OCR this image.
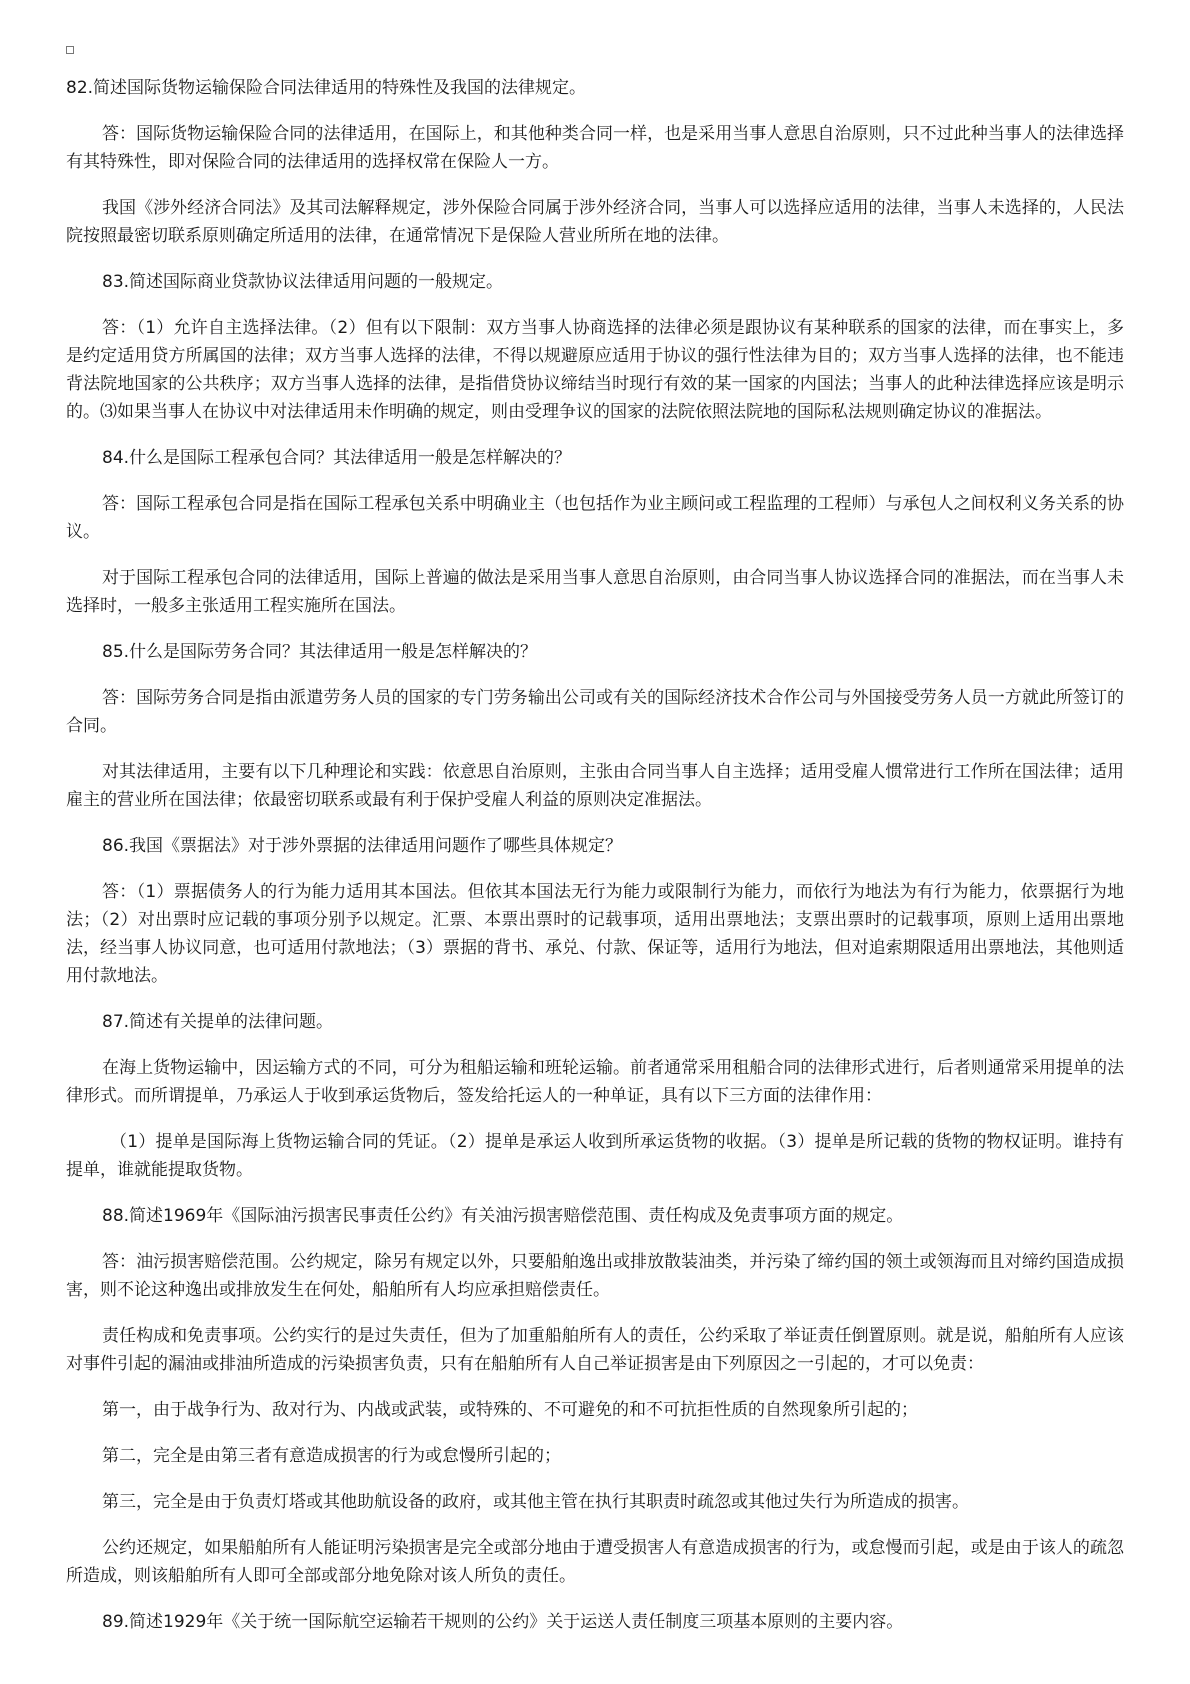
82.简述国际货物运输保险合同法律适用的特殊性及我国的法律规定。

答：国际货物运输保险合同的法律适用，在国际上，和其他种类合同一样，也是采用当事人意思自治原则，只不过此种当事人的法律选择有其特殊性，即对保险合同的法律适用的选择权常在保险人一方。

我国《涉外经济合同法》及其司法解释规定，涉外保险合同属于涉外经济合同，当事人可以选择应适用的法律，当事人未选择的，人民法院按照最密切联系原则确定所适用的法律，在通常情况下是保险人营业所所在地的法律。

83.简述国际商业贷款协议法律适用问题的一般规定。

答：（1）允许自主选择法律。（2）但有以下限制：双方当事人协商选择的法律必须是跟协议有某种联系的国家的法律，而在事实上，多是约定适用贷方所属国的法律；双方当事人选择的法律，不得以规避原应适用于协议的强行性法律为目的；双方当事人选择的法律，也不能违背法院地国家的公共秩序；双方当事人选择的法律，是指借贷协议缔结当时现行有效的某一国家的内国法；当事人的此种法律选择应该是明示的。⑶如果当事人在协议中对法律适用未作明确的规定，则由受理争议的国家的法院依照法院地的国际私法规则确定协议的准据法。

84.什么是国际工程承包合同？其法律适用一般是怎样解决的？

答：国际工程承包合同是指在国际工程承包关系中明确业主（也包括作为业主顾问或工程监理的工程师）与承包人之间权利义务关系的协议。

对于国际工程承包合同的法律适用，国际上普遍的做法是采用当事人意思自治原则，由合同当事人协议选择合同的准据法，而在当事人未选择时，一般多主张适用工程实施所在国法。

85.什么是国际劳务合同？其法律适用一般是怎样解决的？

答：国际劳务合同是指由派遣劳务人员的国家的专门劳务输出公司或有关的国际经济技术合作公司与外国接受劳务人员一方就此所签订的合同。

对其法律适用，主要有以下几种理论和实践：依意思自治原则，主张由合同当事人自主选择；适用受雇人惯常进行工作所在国法律；适用雇主的营业所在国法律；依最密切联系或最有利于保护受雇人利益的原则决定准据法。

86.我国《票据法》对于涉外票据的法律适用问题作了哪些具体规定？

答：（1）票据债务人的行为能力适用其本国法。但依其本国法无行为能力或限制行为能力，而依行为地法为有行为能力，依票据行为地法；（2）对出票时应记载的事项分别予以规定。汇票、本票出票时的记载事项，适用出票地法；支票出票时的记载事项，原则上适用出票地法，经当事人协议同意，也可适用付款地法；（3）票据的背书、承兑、付款、保证等，适用行为地法，但对追索期限适用出票地法，其他则适用付款地法。

87.简述有关提单的法律问题。

在海上货物运输中，因运输方式的不同，可分为租船运输和班轮运输。前者通常采用租船合同的法律形式进行，后者则通常采用提单的法律形式。而所谓提单，乃承运人于收到承运货物后，签发给托运人的一种单证，具有以下三方面的法律作用：

（1）提单是国际海上货物运输合同的凭证。（2）提单是承运人收到所承运货物的收据。（3）提单是所记载的货物的物权证明。谁持有提单，谁就能提取货物。

88.简述1969年《国际油污损害民事责任公约》有关油污损害赔偿范围、责任构成及免责事项方面的规定。

答：油污损害赔偿范围。公约规定，除另有规定以外，只要船舶逸出或排放散装油类，并污染了缔约国的领土或领海而且对缔约国造成损害，则不论这种逸出或排放发生在何处，船舶所有人均应承担赔偿责任。

责任构成和免责事项。公约实行的是过失责任，但为了加重船舶所有人的责任，公约采取了举证责任倒置原则。就是说，船舶所有人应该对事件引起的漏油或排油所造成的污染损害负责，只有在船舶所有人自己举证损害是由下列原因之一引起的，才可以免责：

第一，由于战争行为、敌对行为、内战或武装，或特殊的、不可避免的和不可抗拒性质的自然现象所引起的；

第二，完全是由第三者有意造成损害的行为或怠慢所引起的；

第三，完全是由于负责灯塔或其他助航设备的政府，或其他主管在执行其职责时疏忽或其他过失行为所造成的损害。

公约还规定，如果船舶所有人能证明污染损害是完全或部分地由于遭受损害人有意造成损害的行为，或怠慢而引起，或是由于该人的疏忽所造成，则该船舶所有人即可全部或部分地免除对该人所负的责任。

89.简述1929年《关于统一国际航空运输若干规则的公约》关于运送人责任制度三项基本原则的主要内容。
